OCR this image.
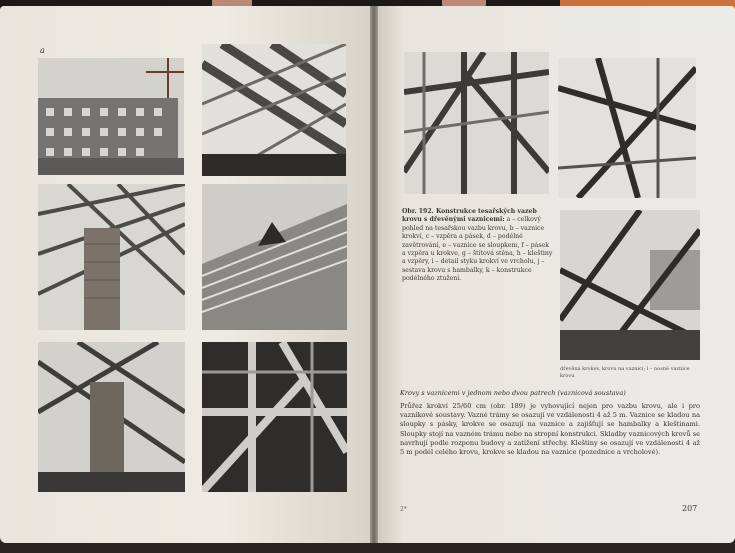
a
Obr. 192. Konstrukce tesařských vazeb krovu s dřevěnými vaznicemi: a – celkový pohled na tesařskou vazbu krovu, b – vaznice krokví, c – vzpěra a pásek, d – podélné zavětrování, e – vaznice se sloupkem, f – pásek a vzpěra u krokve, g – štítová stěna, h – kleštiny a vzpěry, i – detail styku krokví ve vrcholu, j – sestava krovu s hambalky, k – konstrukce podélného ztužení.
dřevěná krokev, krovu na vaznici; l – nosné vaznice krovu
Krovy s vaznicemi v jednom nebo dvou patrech (vaznicová soustava)
Průřez krokví 25/60 cm (obr. 189) je vyhovující nejen pro vazbu krovu, ale i pro vazníkové soustavy. Vazné trámy se osazují ve vzdálenosti 4 až 5 m. Vaznice se kladou na sloupky s pásky, krokve se osazují na vaznice a zajišťují se hambalky a kleštinami. Sloupky stojí na vazném trámu nebo na stropní konstrukci. Skladby vaznicových krovů se navrhují podle rozponu budovy a zatížení střechy. Kleštiny se osazují ve vzdálenosti 4 až 5 m podél celého krovu, krokve se kladou na vaznice (pozednice a vrcholové).
2*	207
